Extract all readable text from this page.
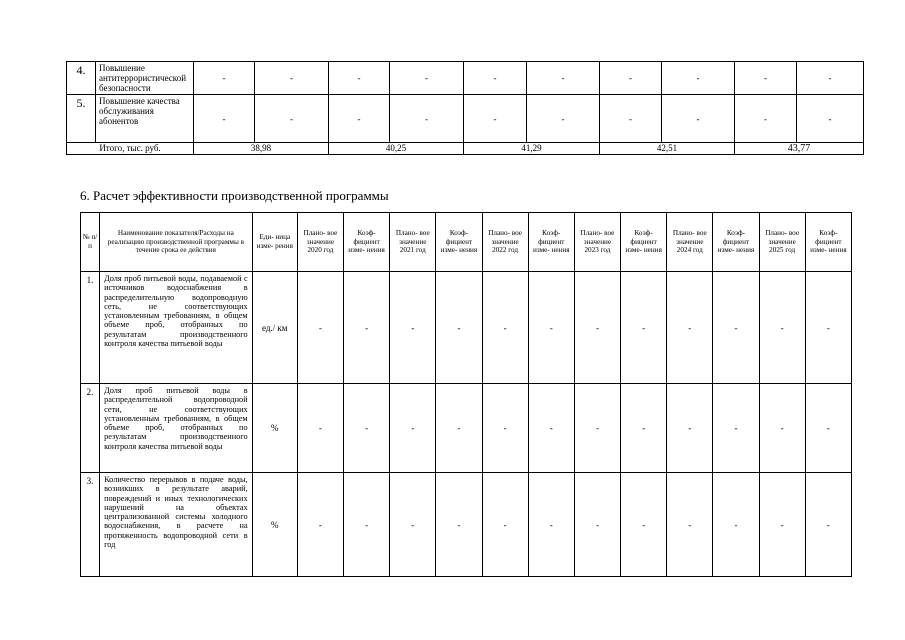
4.	Повышение антитеррористической безопасности	-	-	-	-	-	-	-	-	-	-
5.	Повышение качества обслуживания абонентов	-	-	-	-	-	-	-	-	-	-
Итого, тыс. руб.	38,98	40,25	41,29	42,51	43,77
6. Расчет эффективности производственной программы
№ п/ п	Наименование показателя/Расходы на реализацию производственной программы в течение срока ее действия	Еди- ница изме- рения	Плано- вое значение 2020 год	Коэф- фициент изме- нения	Плано- вое значение 2021 год	Коэф- фициент изме- нения	Плано- вое значение 2022 год	Коэф- фициент изме- нения	Плано- вое значение 2023 год	Коэф- фициент изме- нения	Плано- вое значение 2024 год	Коэф- фициент изме- нения	Плано- вое значение 2025 год	Коэф- фициент изме- нения
1.	Доля проб питьевой воды, подаваемой с источников водоснабжения в распределительную водопроводную сеть, не соответствующих установленным требованиям, в общем объеме проб, отобранных по результатам производственного контроля качества питьевой воды	ед./ км	-	-	-	-	-	-	-	-	-	-	-	-
2.	Доля проб питьевой воды в распределительной водопроводной сети, не соответствующих установленным требованиям, в общем объеме проб, отобранных по результатам производственного контроля качества питьевой воды	%	-	-	-	-	-	-	-	-	-	-	-	-
3.	Количество перерывов в подаче воды, возникших в результате аварий, повреждений и иных технологических нарушений на объектах централизованной системы холодного водоснабжения, в расчете на протяженность водопроводной сети в год	%	-	-	-	-	-	-	-	-	-	-	-	-
